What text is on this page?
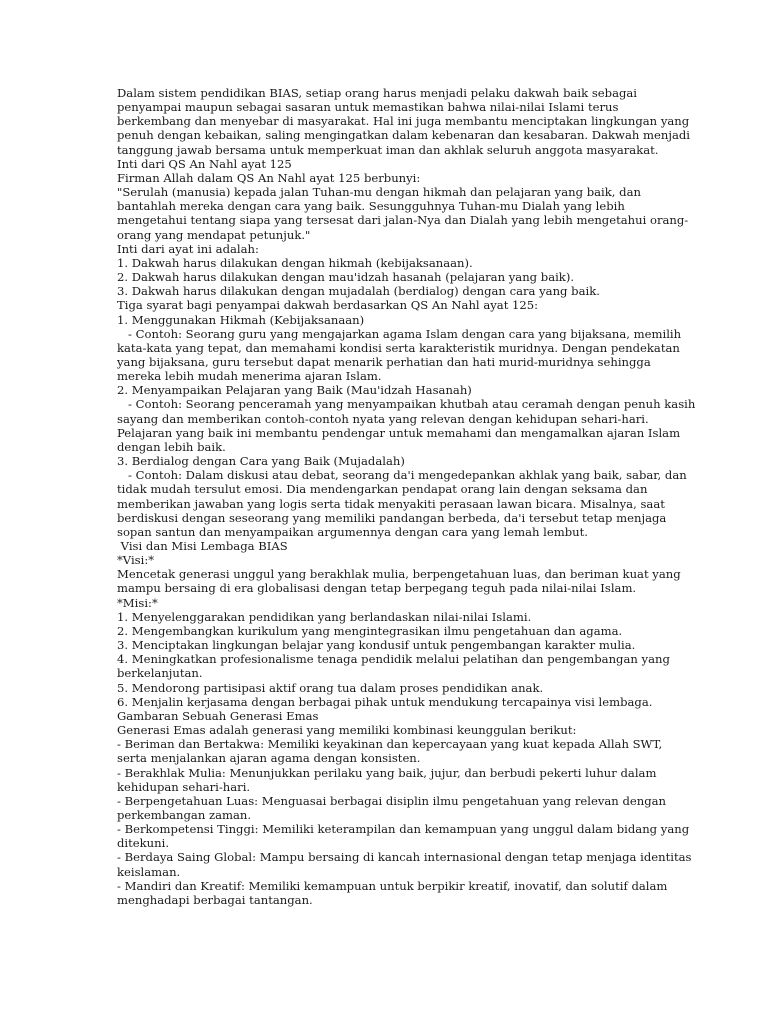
Dalam sistem pendidikan BIAS, setiap orang harus menjadi pelaku dakwah baik sebagai
penyampai maupun sebagai sasaran untuk memastikan bahwa nilai-nilai Islami terus
berkembang dan menyebar di masyarakat. Hal ini juga membantu menciptakan lingkungan yang
penuh dengan kebaikan, saling mengingatkan dalam kebenaran dan kesabaran. Dakwah menjadi
tanggung jawab bersama untuk memperkuat iman dan akhlak seluruh anggota masyarakat.
Inti dari QS An Nahl ayat 125
Firman Allah dalam QS An Nahl ayat 125 berbunyi:
"Serulah (manusia) kepada jalan Tuhan-mu dengan hikmah dan pelajaran yang baik, dan
bantahlah mereka dengan cara yang baik. Sesungguhnya Tuhan-mu Dialah yang lebih
mengetahui tentang siapa yang tersesat dari jalan-Nya dan Dialah yang lebih mengetahui orang-
orang yang mendapat petunjuk."
Inti dari ayat ini adalah:
1. Dakwah harus dilakukan dengan hikmah (kebijaksanaan).
2. Dakwah harus dilakukan dengan mau'idzah hasanah (pelajaran yang baik).
3. Dakwah harus dilakukan dengan mujadalah (berdialog) dengan cara yang baik.
Tiga syarat bagi penyampai dakwah berdasarkan QS An Nahl ayat 125:
1. Menggunakan Hikmah (Kebijaksanaan)
- Contoh: Seorang guru yang mengajarkan agama Islam dengan cara yang bijaksana, memilih
kata-kata yang tepat, dan memahami kondisi serta karakteristik muridnya. Dengan pendekatan
yang bijaksana, guru tersebut dapat menarik perhatian dan hati murid-muridnya sehingga
mereka lebih mudah menerima ajaran Islam.
2. Menyampaikan Pelajaran yang Baik (Mau'idzah Hasanah)
- Contoh: Seorang penceramah yang menyampaikan khutbah atau ceramah dengan penuh kasih
sayang dan memberikan contoh-contoh nyata yang relevan dengan kehidupan sehari-hari.
Pelajaran yang baik ini membantu pendengar untuk memahami dan mengamalkan ajaran Islam
dengan lebih baik.
3. Berdialog dengan Cara yang Baik (Mujadalah)
- Contoh: Dalam diskusi atau debat, seorang da'i mengedepankan akhlak yang baik, sabar, dan
tidak mudah tersulut emosi. Dia mendengarkan pendapat orang lain dengan seksama dan
memberikan jawaban yang logis serta tidak menyakiti perasaan lawan bicara. Misalnya, saat
berdiskusi dengan seseorang yang memiliki pandangan berbeda, da'i tersebut tetap menjaga
sopan santun dan menyampaikan argumennya dengan cara yang lemah lembut.
Visi dan Misi Lembaga BIAS
*Visi:*
Mencetak generasi unggul yang berakhlak mulia, berpengetahuan luas, dan beriman kuat yang
mampu bersaing di era globalisasi dengan tetap berpegang teguh pada nilai-nilai Islam.
*Misi:*
1. Menyelenggarakan pendidikan yang berlandaskan nilai-nilai Islami.
2. Mengembangkan kurikulum yang mengintegrasikan ilmu pengetahuan dan agama.
3. Menciptakan lingkungan belajar yang kondusif untuk pengembangan karakter mulia.
4. Meningkatkan profesionalisme tenaga pendidik melalui pelatihan dan pengembangan yang
berkelanjutan.
5. Mendorong partisipasi aktif orang tua dalam proses pendidikan anak.
6. Menjalin kerjasama dengan berbagai pihak untuk mendukung tercapainya visi lembaga.
Gambaran Sebuah Generasi Emas
Generasi Emas adalah generasi yang memiliki kombinasi keunggulan berikut:
- Beriman dan Bertakwa: Memiliki keyakinan dan kepercayaan yang kuat kepada Allah SWT,
serta menjalankan ajaran agama dengan konsisten.
- Berakhlak Mulia: Menunjukkan perilaku yang baik, jujur, dan berbudi pekerti luhur dalam
kehidupan sehari-hari.
- Berpengetahuan Luas: Menguasai berbagai disiplin ilmu pengetahuan yang relevan dengan
perkembangan zaman.
- Berkompetensi Tinggi: Memiliki keterampilan dan kemampuan yang unggul dalam bidang yang
ditekuni.
- Berdaya Saing Global: Mampu bersaing di kancah internasional dengan tetap menjaga identitas
keislaman.
- Mandiri dan Kreatif: Memiliki kemampuan untuk berpikir kreatif, inovatif, dan solutif dalam
menghadapi berbagai tantangan.
